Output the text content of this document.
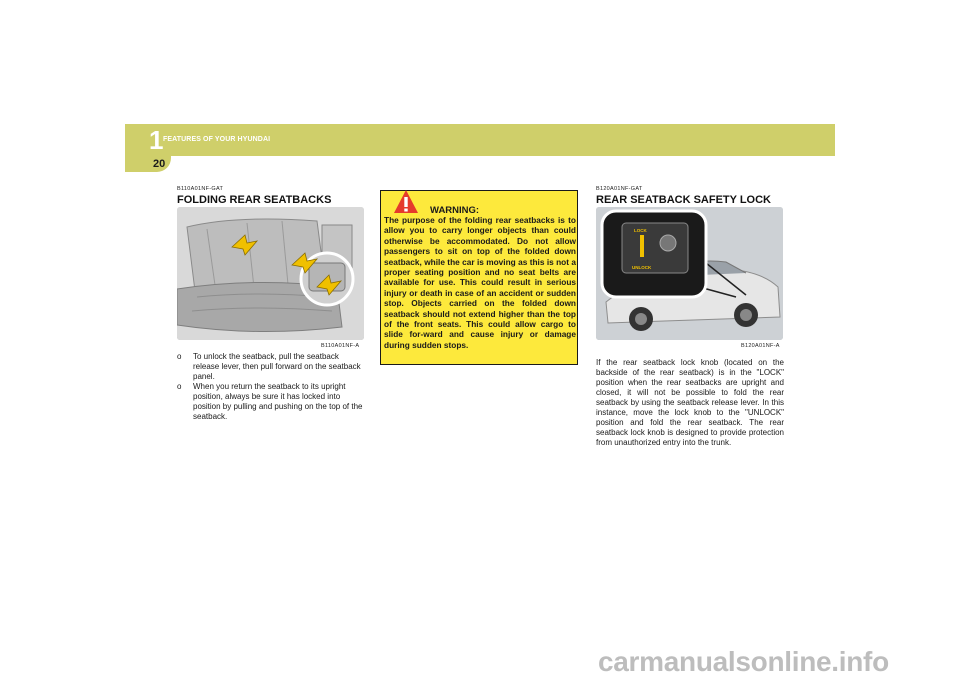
1 FEATURES OF YOUR HYUNDAI
20
B110A01NF-GAT
FOLDING REAR SEATBACKS
B110A01NF-A
o To unlock the seatback, pull the seatback release lever, then pull forward on the seatback panel.
o When you return the seatback to its upright position, always be sure it has locked into position by pulling and pushing on the top of the seatback.
WARNING:
The purpose of the folding rear seatbacks is to allow you to carry longer objects than could otherwise be accommodated. Do not allow passengers to sit on top of the folded down seatback, while the car is moving as this is not a proper seating position and no seat belts are available for use. This could result in serious injury or death in case of an accident or sudden stop. Objects carried on the folded down seatback should not extend higher than the top of the front seats. This could allow cargo to slide for-ward and cause injury or damage during sudden stops.
B120A01NF-GAT
REAR SEATBACK SAFETY LOCK
LOCK
UNLOCK
B120A01NF-A
If the rear seatback lock knob (located on the backside of the rear seatback) is in the "LOCK" position when the rear seatbacks are upright and closed, it will not be possible to fold the rear seatback by using the seatback release lever. In this instance, move the lock knob to the "UNLOCK" position and fold the rear seatback. The rear seatback lock knob is designed to provide protection from unauthorized entry into the trunk.
carmanualsonline.info
